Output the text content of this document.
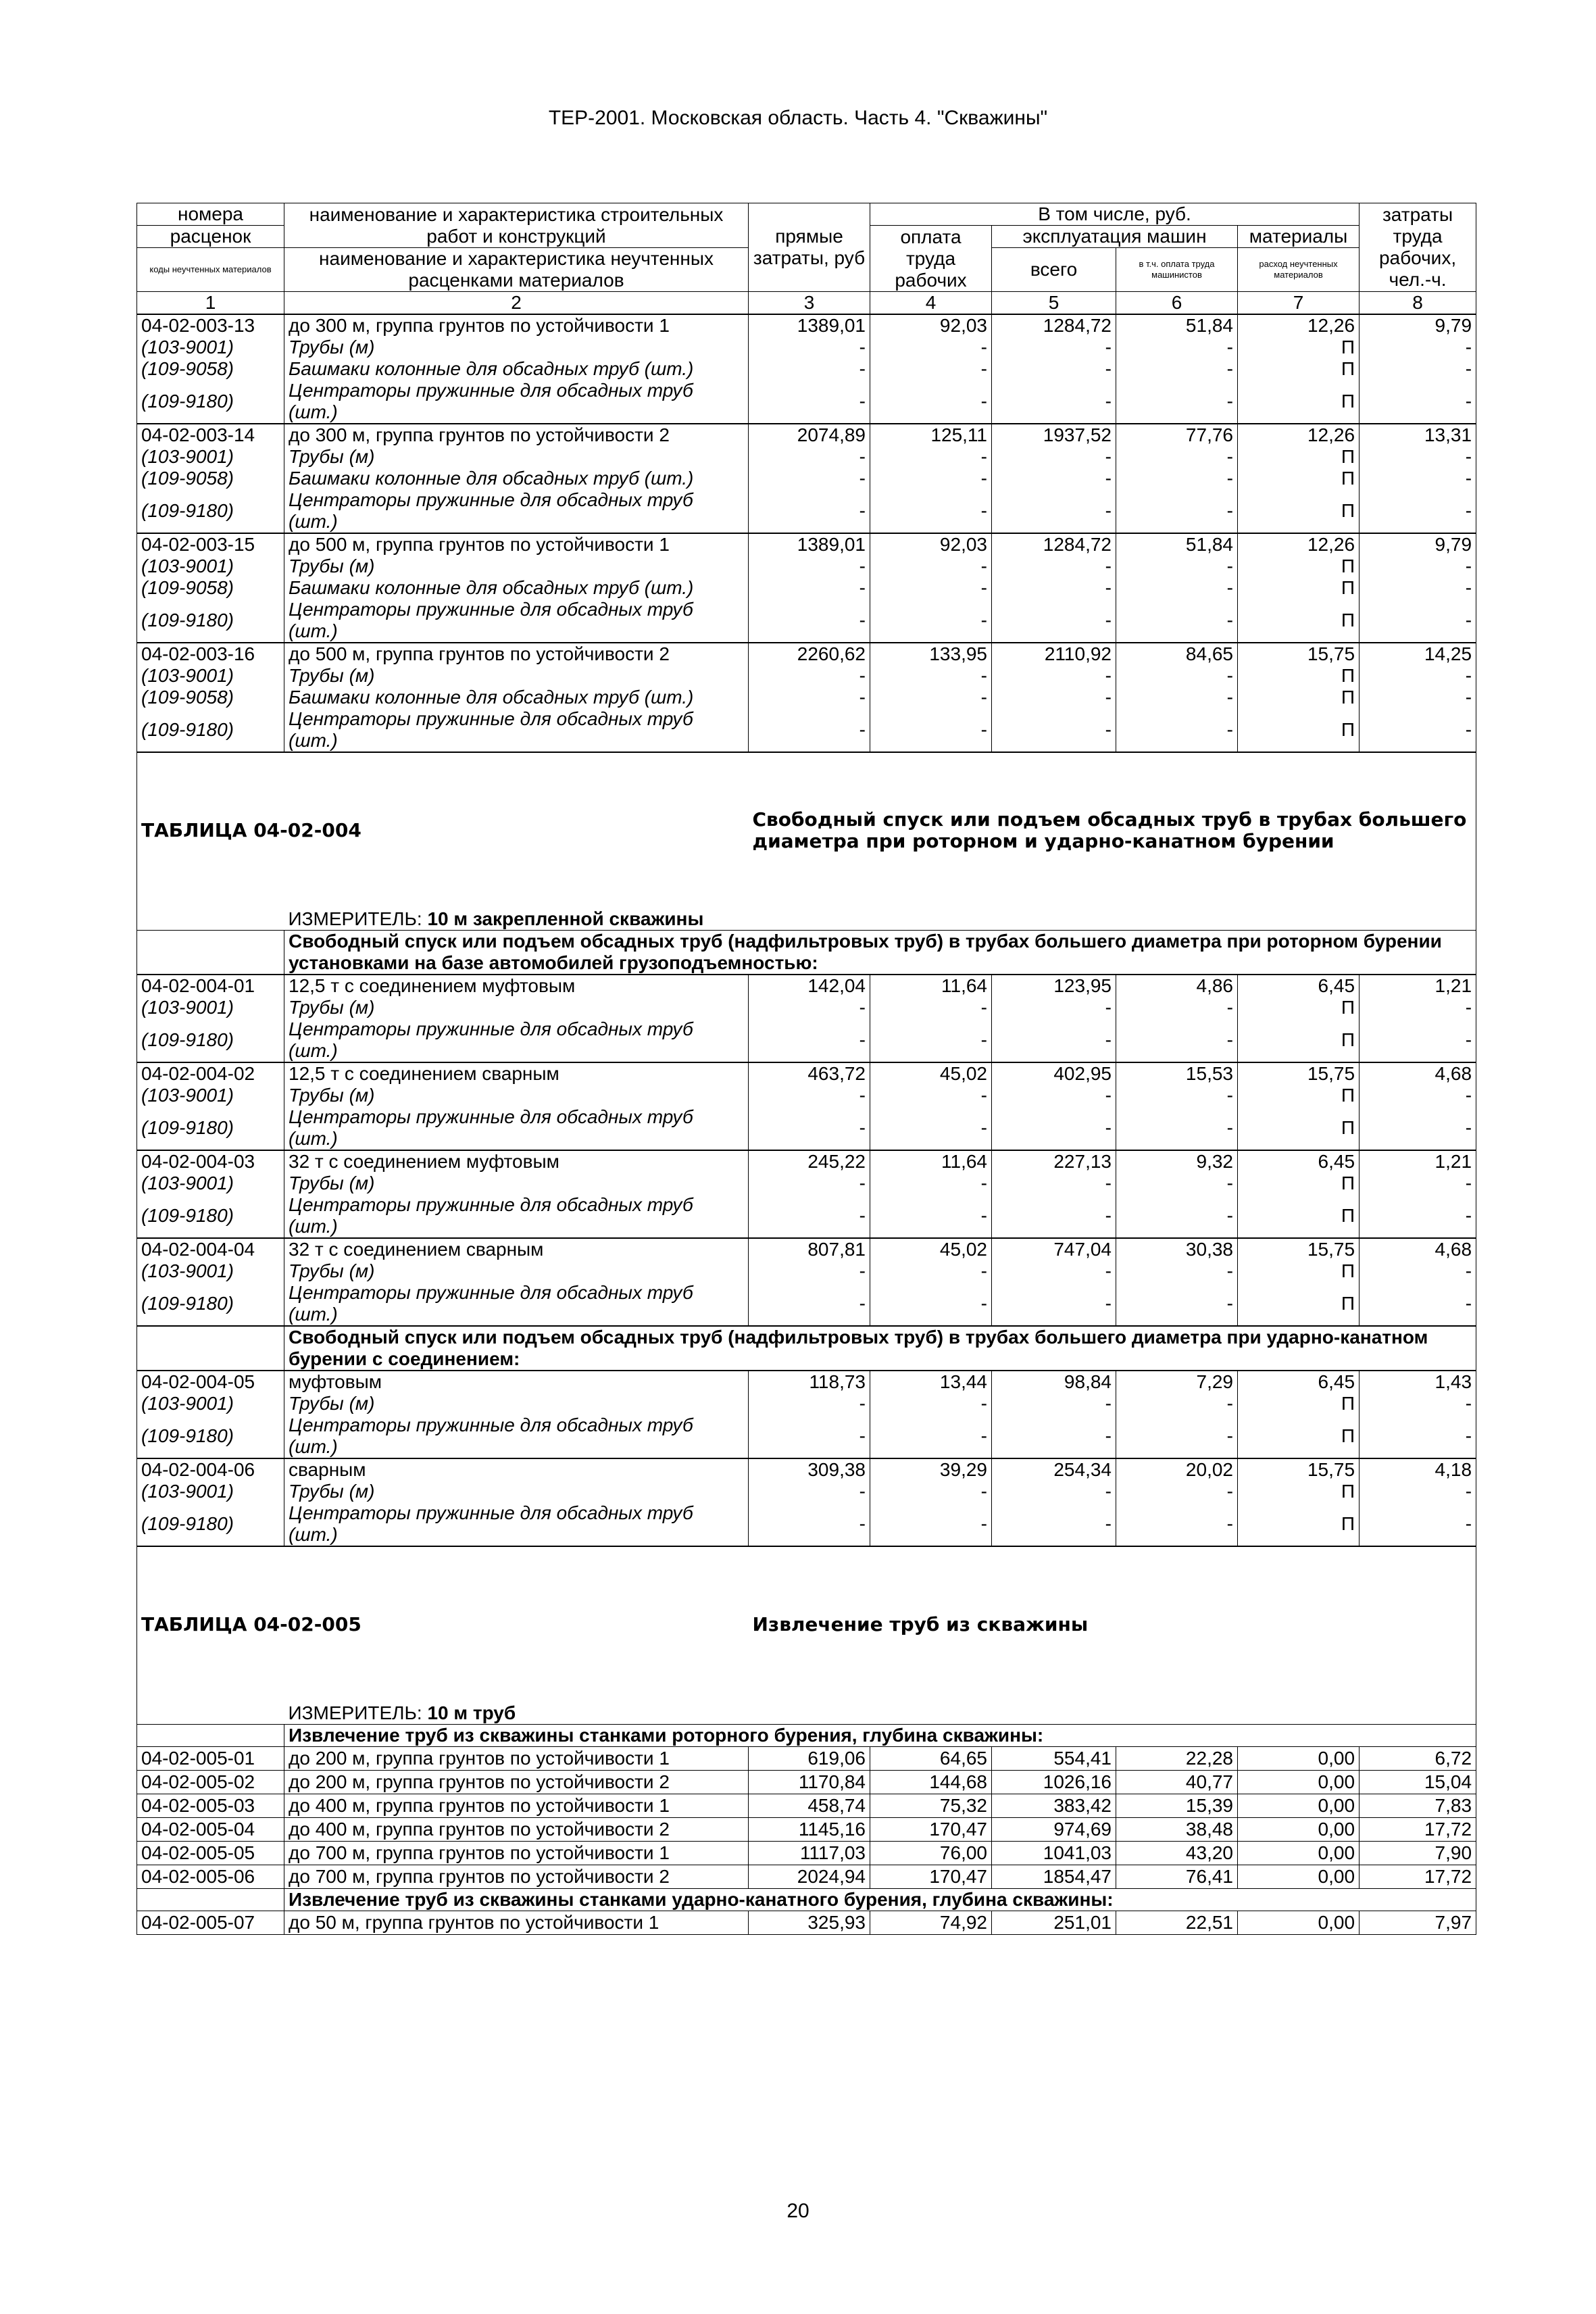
ТЕР-2001. Московская область. Часть 4. "Скважины"
номера	наименование и характеристика строительных работ и конструкций	прямые затраты, руб	В том числе, руб.				затраты труда рабочих, чел.-ч.
расценок			оплата труда рабочих	эксплуатация машин		материалы	
коды неучтенных материалов	наименование и характеристика неучтенных расценками материалов			всего	в т.ч. оплата труда машинистов	расход неучтенных материалов	

1	2	3	4	5	6	7	8
04-02-003-13	до 300 м, группа грунтов по устойчивости 1	1389,01	92,03	1284,72	51,84	12,26	9,79
(103-9001)	Трубы (м)	-	-	-	-	П	-
(109-9058)	Башмаки колонные для обсадных труб (шт.)	-	-	-	-	П	-
(109-9180)	Центраторы пружинные для обсадных труб (шт.)	-	-	-	-	П	-
04-02-003-14	до 300 м, группа грунтов по устойчивости 2	2074,89	125,11	1937,52	77,76	12,26	13,31
(103-9001)	Трубы (м)	-	-	-	-	П	-
(109-9058)	Башмаки колонные для обсадных труб (шт.)	-	-	-	-	П	-
(109-9180)	Центраторы пружинные для обсадных труб (шт.)	-	-	-	-	П	-
04-02-003-15	до 500 м, группа грунтов по устойчивости 1	1389,01	92,03	1284,72	51,84	12,26	9,79
(103-9001)	Трубы (м)	-	-	-	-	П	-
(109-9058)	Башмаки колонные для обсадных труб (шт.)	-	-	-	-	П	-
(109-9180)	Центраторы пружинные для обсадных труб (шт.)	-	-	-	-	П	-
04-02-003-16	до 500 м, группа грунтов по устойчивости 2	2260,62	133,95	2110,92	84,65	15,75	14,25
(103-9001)	Трубы (м)	-	-	-	-	П	-
(109-9058)	Башмаки колонные для обсадных труб (шт.)	-	-	-	-	П	-
(109-9180)	Центраторы пружинные для обсадных труб (шт.)	-	-	-	-	П	-
ТАБЛИЦА 04-02-004		Свободный спуск или подъем обсадных труб в трубах большего диаметра при роторном и ударно-канатном бурении					
	ИЗМЕРИТЕЛЬ: 10 м закрепленной скважины						
	Свободный спуск или подъем обсадных труб (надфильтровых труб) в трубах большего диаметра при роторном бурении установками на базе автомобилей грузоподъемностью:						
04-02-004-01	12,5 т с соединением муфтовым	142,04	11,64	123,95	4,86	6,45	1,21
(103-9001)	Трубы (м)	-	-	-	-	П	-
(109-9180)	Центраторы пружинные для обсадных труб (шт.)	-	-	-	-	П	-
04-02-004-02	12,5 т с соединением сварным	463,72	45,02	402,95	15,53	15,75	4,68
(103-9001)	Трубы (м)	-	-	-	-	П	-
(109-9180)	Центраторы пружинные для обсадных труб (шт.)	-	-	-	-	П	-
04-02-004-03	32 т с соединением муфтовым	245,22	11,64	227,13	9,32	6,45	1,21
(103-9001)	Трубы (м)	-	-	-	-	П	-
(109-9180)	Центраторы пружинные для обсадных труб (шт.)	-	-	-	-	П	-
04-02-004-04	32 т с соединением сварным	807,81	45,02	747,04	30,38	15,75	4,68
(103-9001)	Трубы (м)	-	-	-	-	П	-
(109-9180)	Центраторы пружинные для обсадных труб (шт.)	-	-	-	-	П	-
	Свободный спуск или подъем обсадных труб (надфильтровых труб) в трубах большего диаметра при ударно-канатном бурении с соединением:						
04-02-004-05	муфтовым	118,73	13,44	98,84	7,29	6,45	1,43
(103-9001)	Трубы (м)	-	-	-	-	П	-
(109-9180)	Центраторы пружинные для обсадных труб (шт.)	-	-	-	-	П	-
04-02-004-06	сварным	309,38	39,29	254,34	20,02	15,75	4,18
(103-9001)	Трубы (м)	-	-	-	-	П	-
(109-9180)	Центраторы пружинные для обсадных труб (шт.)	-	-	-	-	П	-
ТАБЛИЦА 04-02-005		Извлечение труб из скважины					
	ИЗМЕРИТЕЛЬ: 10 м труб						
	Извлечение труб из скважины станками роторного бурения, глубина скважины:						
04-02-005-01	до 200 м, группа грунтов по устойчивости 1	619,06	64,65	554,41	22,28	0,00	6,72
04-02-005-02	до 200 м, группа грунтов по устойчивости 2	1170,84	144,68	1026,16	40,77	0,00	15,04
04-02-005-03	до 400 м, группа грунтов по устойчивости 1	458,74	75,32	383,42	15,39	0,00	7,83
04-02-005-04	до 400 м, группа грунтов по устойчивости 2	1145,16	170,47	974,69	38,48	0,00	17,72
04-02-005-05	до 700 м, группа грунтов по устойчивости 1	1117,03	76,00	1041,03	43,20	0,00	7,90
04-02-005-06	до 700 м, группа грунтов по устойчивости 2	2024,94	170,47	1854,47	76,41	0,00	17,72
	Извлечение труб из скважины станками ударно-канатного бурения, глубина скважины:						
04-02-005-07	до 50 м, группа грунтов по устойчивости 1	325,93	74,92	251,01	22,51	0,00	7,97
20
